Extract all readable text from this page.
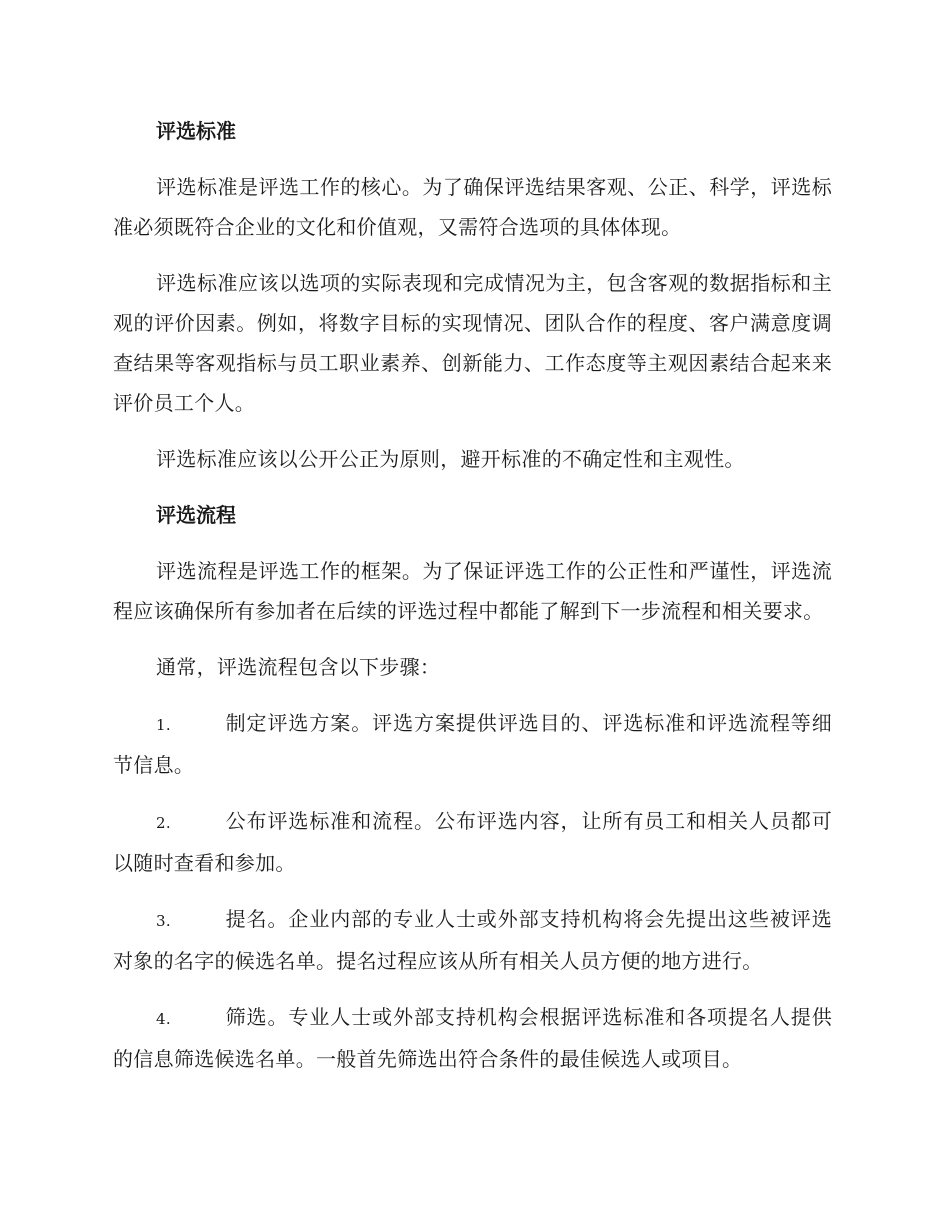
评选标准

评选标准是评选工作的核心。为了确保评选结果客观、公正、科学，评选标准必须既符合企业的文化和价值观，又需符合选项的具体体现。

评选标准应该以选项的实际表现和完成情况为主，包含客观的数据指标和主观的评价因素。例如，将数字目标的实现情况、团队合作的程度、客户满意度调查结果等客观指标与员工职业素养、创新能力、工作态度等主观因素结合起来来评价员工个人。

评选标准应该以公开公正为原则，避开标准的不确定性和主观性。

评选流程

评选流程是评选工作的框架。为了保证评选工作的公正性和严谨性，评选流程应该确保所有参加者在后续的评选过程中都能了解到下一步流程和相关要求。

通常，评选流程包含以下步骤：

1.	制定评选方案。评选方案提供评选目的、评选标准和评选流程等细节信息。

2.	公布评选标准和流程。公布评选内容，让所有员工和相关人员都可以随时查看和参加。

3.	提名。企业内部的专业人士或外部支持机构将会先提出这些被评选对象的名字的候选名单。提名过程应该从所有相关人员方便的地方进行。

4.	筛选。专业人士或外部支持机构会根据评选标准和各项提名人提供的信息筛选候选名单。一般首先筛选出符合条件的最佳候选人或项目。
